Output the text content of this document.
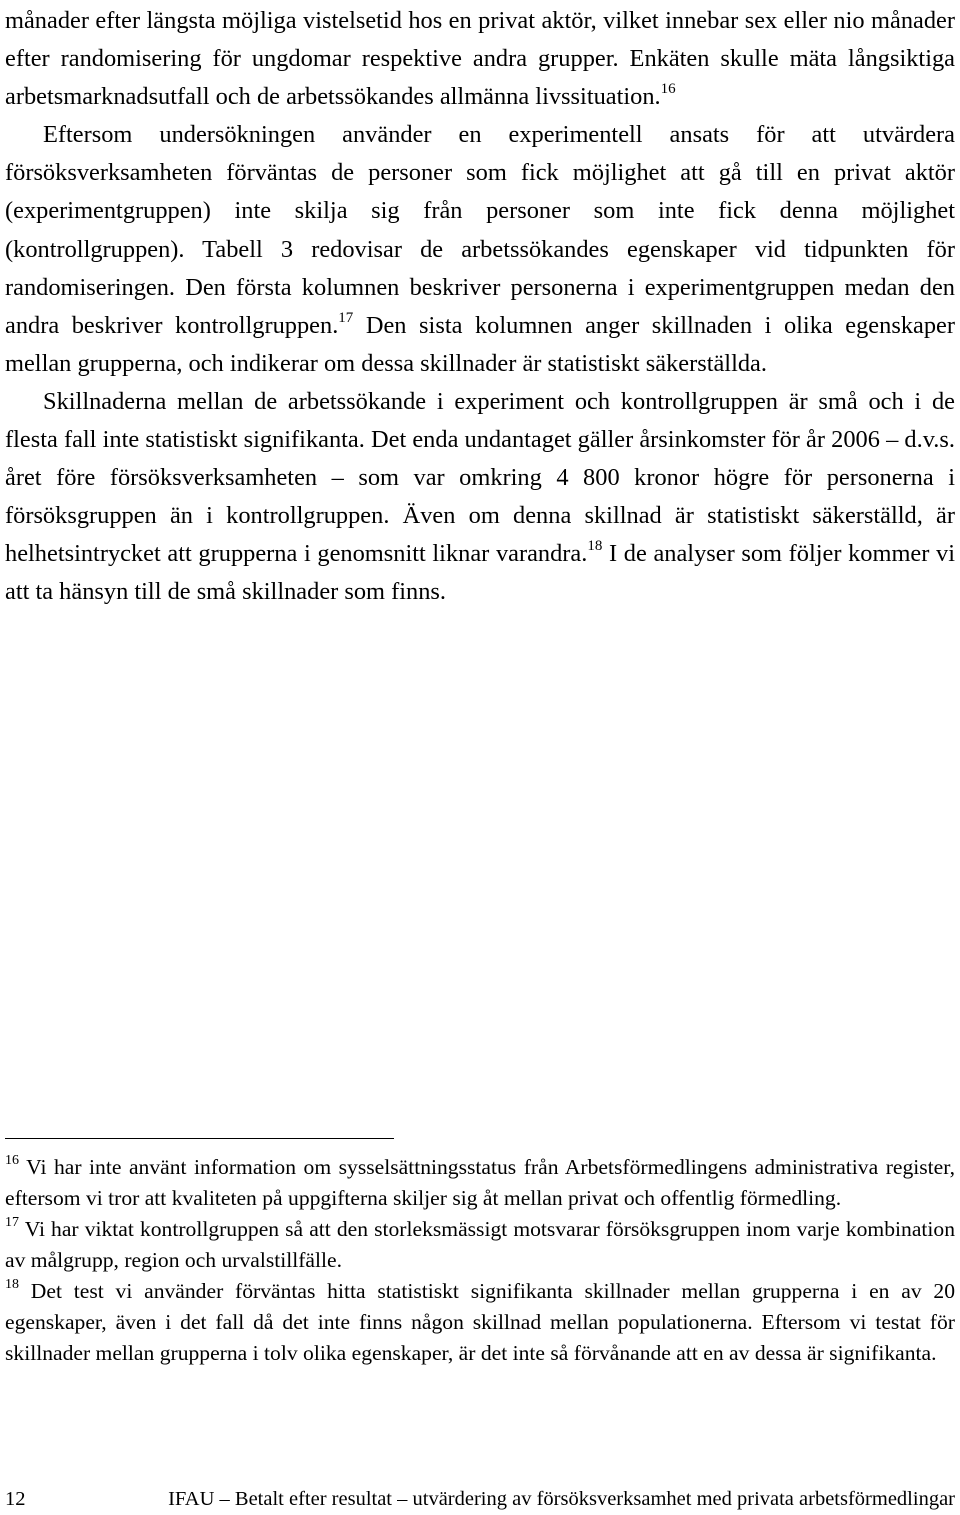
månader efter längsta möjliga vistelsetid hos en privat aktör, vilket innebar sex eller nio månader efter randomisering för ungdomar respektive andra grupper. Enkäten skulle mäta långsiktiga arbetsmarknadsutfall och de arbetssökandes allmänna livssituation.$^{16}$

Eftersom undersökningen använder en experimentell ansats för att utvärdera försöksverksamheten förväntas de personer som fick möjlighet att gå till en privat aktör (experimentgruppen) inte skilja sig från personer som inte fick denna möjlighet (kontrollgruppen). Tabell 3 redovisar de arbetssökandes egenskaper vid tidpunkten för randomiseringen. Den första kolumnen beskriver personerna i experimentgruppen medan den andra beskriver kontrollgruppen.$^{17}$ Den sista kolumnen anger skillnaden i olika egenskaper mellan grupperna, och indikerar om dessa skillnader är statistiskt säkerställda.

Skillnaderna mellan de arbetssökande i experiment och kontrollgruppen är små och i de flesta fall inte statistiskt signifikanta. Det enda undantaget gäller årsinkomster för år 2006 – d.v.s. året före försöksverksamheten – som var omkring 4 800 kronor högre för personerna i försöksgruppen än i kontrollgruppen. Även om denna skillnad är statistiskt säkerställd, är helhetsintrycket att grupperna i genomsnitt liknar varandra.$^{18}$ I de analyser som följer kommer vi att ta hänsyn till de små skillnader som finns.

$^{16}$ Vi har inte använt information om sysselsättningsstatus från Arbetsförmedlingens administrativa register, eftersom vi tror att kvaliteten på uppgifterna skiljer sig åt mellan privat och offentlig förmedling.

$^{17}$ Vi har viktat kontrollgruppen så att den storleksmässigt motsvarar försöksgruppen inom varje kombination av målgrupp, region och urvalstillfälle.

$^{18}$ Det test vi använder förväntas hitta statistiskt signifikanta skillnader mellan grupperna i en av 20 egenskaper, även i det fall då det inte finns någon skillnad mellan populationerna. Eftersom vi testat för skillnader mellan grupperna i tolv olika egenskaper, är det inte så förvånande att en av dessa är signifikanta.

12	IFAU – Betalt efter resultat – utvärdering av försöksverksamhet med privata arbetsförmedlingar
